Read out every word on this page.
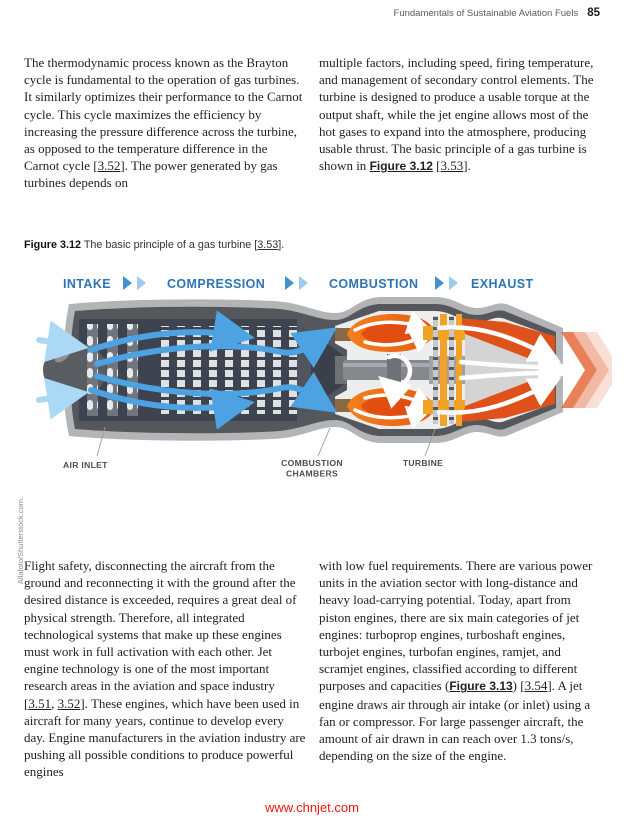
Fundamentals of Sustainable Aviation Fuels 85

The thermodynamic process known as the Brayton cycle is fundamental to the operation of gas turbines. It similarly optimizes their performance to the Carnot cycle. This cycle maximizes the efficiency by increasing the pressure difference across the turbine, as opposed to the temperature difference in the Carnot cycle [3.52]. The power generated by gas turbines depends on

multiple factors, including speed, firing temperature, and management of secondary control elements. The turbine is designed to produce a usable torque at the output shaft, while the jet engine allows most of the hot gases to expand into the atmosphere, producing usable thrust. The basic principle of a gas turbine is shown in Figure 3.12 [3.53].

Figure 3.12 The basic principle of a gas turbine [3.53].
Allafoto/Shutterstock.com.
INTAKE	COMPRESSION	COMBUSTION	EXHAUST
AIR INLET	COMBUSTION
CHAMBERS
TURBINE

Flight safety, disconnecting the aircraft from the ground and reconnecting it with the ground after the desired distance is exceeded, requires a great deal of physical strength. Therefore, all integrated technological systems that make up these engines must work in full activation with each other. Jet engine technology is one of the most important research areas in the aviation and space industry [3.51, 3.52]. These engines, which have been used in aircraft for many years, continue to develop every day. Engine manufacturers in the aviation industry are pushing all possible conditions to produce powerful engines

with low fuel requirements. There are various power units in the aviation sector with long-distance and heavy load-carrying potential. Today, apart from piston engines, there are six main categories of jet engines: turboprop engines, turboshaft engines, turbojet engines, turbofan engines, ramjet, and scramjet engines, classified according to different purposes and capacities (Figure 3.13) [3.54]. A jet engine draws air through air intake (or inlet) using a fan or compressor. For large passenger aircraft, the amount of air drawn in can reach over 1.3 tons/s, depending on the size of the engine.

www.chnjet.com
